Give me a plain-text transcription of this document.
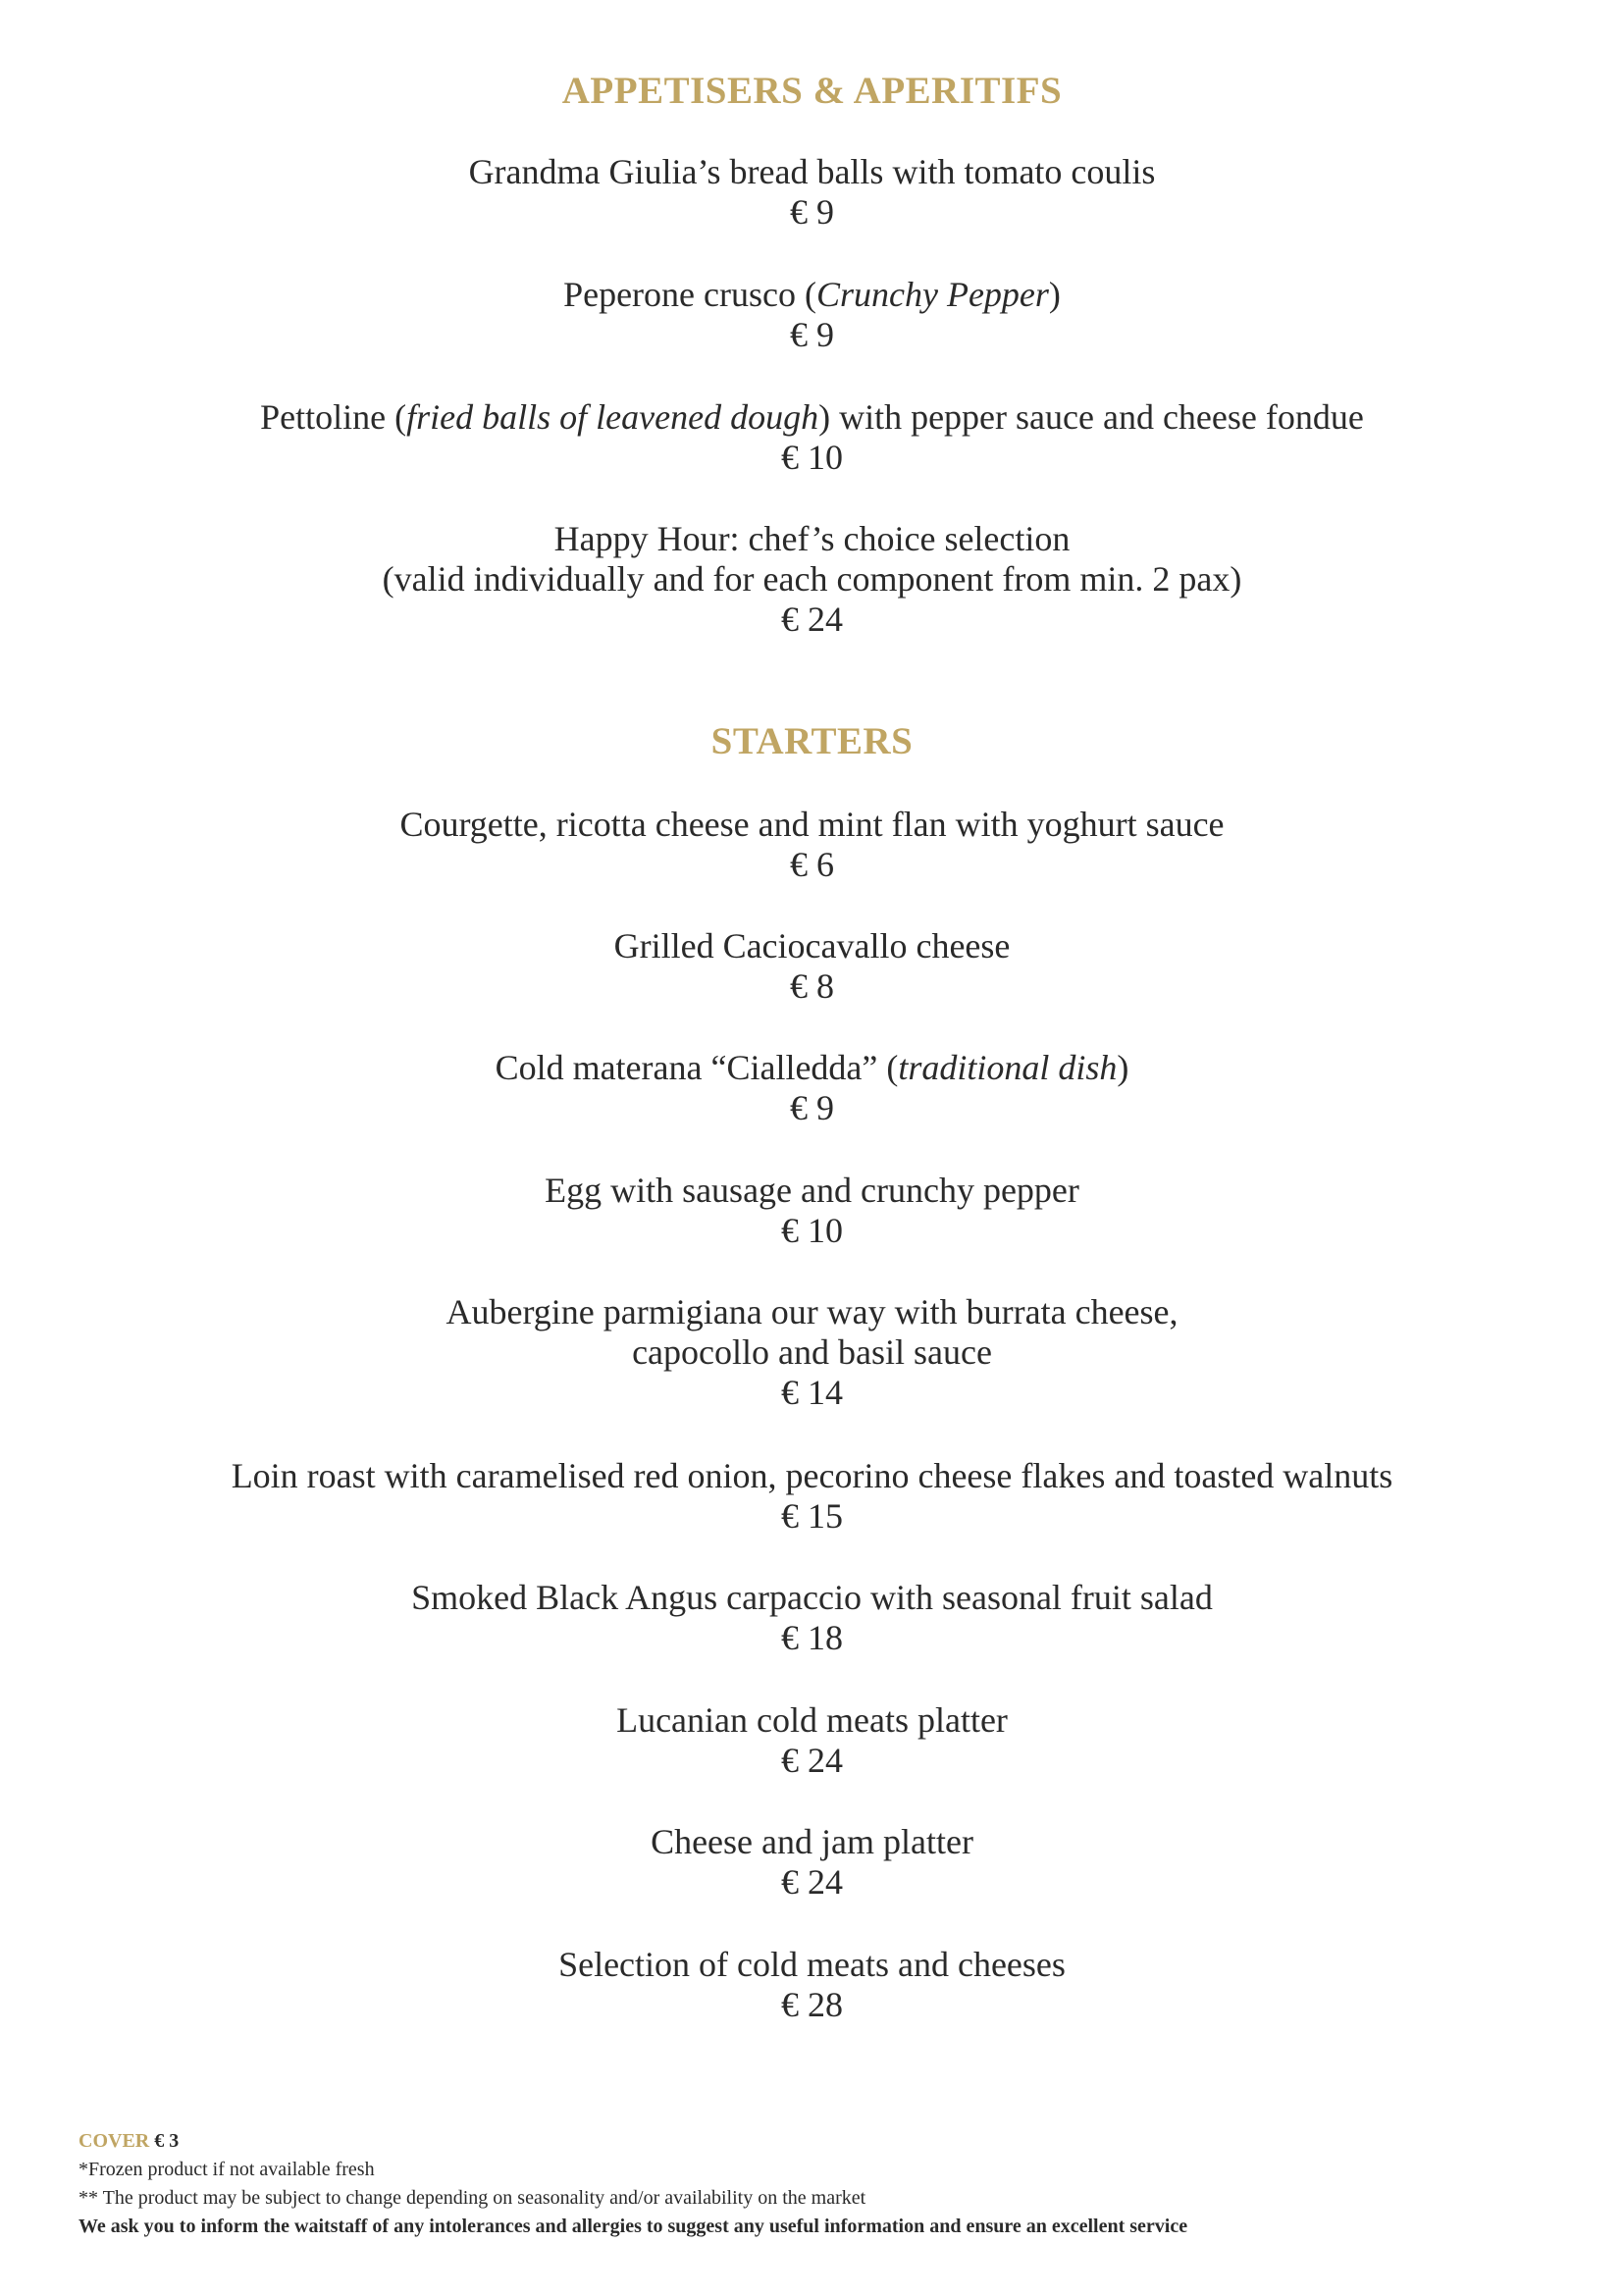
APPETISERS & APERITIFS
Grandma Giulia’s bread balls with tomato coulis
€ 9
Peperone crusco (Crunchy Pepper)
€ 9
Pettoline (fried balls of leavened dough) with pepper sauce and cheese fondue
€ 10
Happy Hour: chef’s choice selection
(valid individually and for each component from min. 2 pax)
€ 24
STARTERS
Courgette, ricotta cheese and mint flan with yoghurt sauce
€ 6
Grilled Caciocavallo cheese
€ 8
Cold materana “Cialledda” (traditional dish)
€ 9
Egg with sausage and crunchy pepper
€ 10
Aubergine parmigiana our way with burrata cheese,
capocollo and basil sauce
€ 14
Loin roast with caramelised red onion, pecorino cheese flakes and toasted walnuts
€ 15
Smoked Black Angus carpaccio with seasonal fruit salad
€ 18
Lucanian cold meats platter
€ 24
Cheese and jam platter
€ 24
Selection of cold meats and cheeses
€ 28
COVER € 3
*Frozen product if not available fresh
** The product may be subject to change depending on seasonality and/or availability on the market
We ask you to inform the waitstaff of any intolerances and allergies to suggest any useful information and ensure an excellent service
